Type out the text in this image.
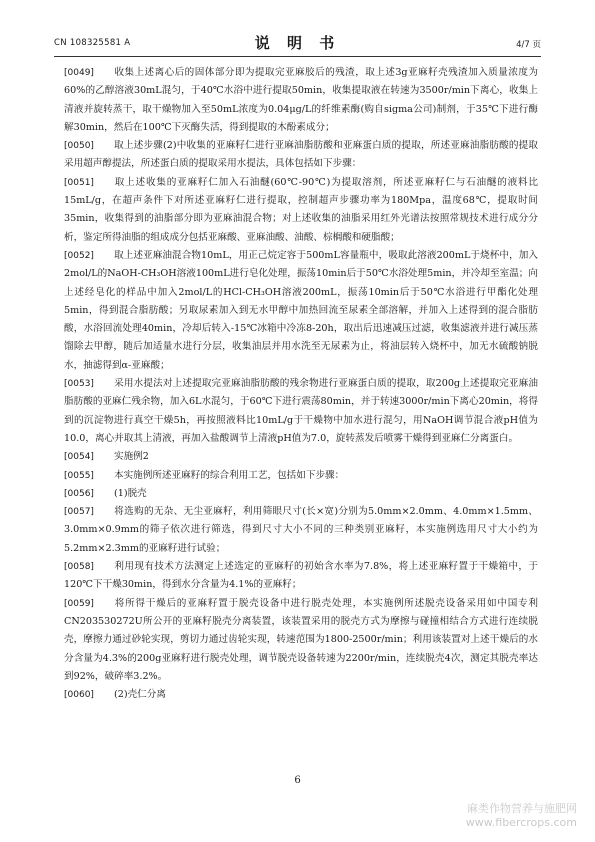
CN 108325581 A	说 明 书	4/7 页

[0049] 收集上述离心后的固体部分即为提取完亚麻胶后的残渣，取上述3g亚麻籽壳残渣加入质量浓度为60%的乙醇溶液30mL混匀，于40℃水浴中进行提取50min，收集提取液在转速为3500r/min下离心，收集上清液并旋转蒸干，取干燥物加入至50mL浓度为0.04μg/L的纤维素酶(购自sigma公司)制剂，于35℃下进行酶解30min，然后在100℃下灭酶失活，得到提取的木酚素成分；

[0050] 取上述步骤(2)中收集的亚麻籽仁进行亚麻油脂肪酸和亚麻蛋白质的提取，所述亚麻油脂肪酸的提取采用超声醇提法，所述蛋白质的提取采用水提法，具体包括如下步骤：

[0051] 取上述收集的亚麻籽仁加入石油醚(60℃-90℃)为提取溶剂，所述亚麻籽仁与石油醚的液料比15mL/g，在超声条件下对所述亚麻籽仁进行提取，控制超声步骤功率为180Mpa，温度68℃，提取时间35min，收集得到的油脂部分即为亚麻油混合物；对上述收集的油脂采用红外光谱法按照常规技术进行成分分析，鉴定所得油脂的组成成分包括亚麻酸、亚麻油酸、油酸、棕榈酸和硬脂酸；

[0052] 取上述亚麻油混合物10mL，用正己烷定容于500mL容量瓶中，吸取此溶液200mL于烧杯中，加入2mol/L的NaOH-CH₃OH溶液100mL进行皂化处理，振荡10min后于50℃水浴处理5min，并冷却至室温；向上述经皂化的样品中加入2mol/L的HCl-CH₃OH溶液200mL，振荡10min后于50℃水浴进行甲酯化处理5min，得到混合脂肪酸；另取尿素加入到无水甲醇中加热回流至尿素全部溶解，并加入上述得到的混合脂肪酸，水浴回流处理40min，冷却后转入-15℃冰箱中冷冻8-20h，取出后迅速减压过滤，收集滤液并进行减压蒸馏除去甲醇，随后加适量水进行分层，收集油层并用水洗至无尿素为止，将油层转入烧杯中，加无水硫酸钠脱水，抽滤得到α-亚麻酸；

[0053] 采用水提法对上述提取完亚麻油脂肪酸的残余物进行亚麻蛋白质的提取，取200g上述提取完亚麻油脂肪酸的亚麻仁残余物，加入6L水混匀，于60℃下进行震荡80min，并于转速3000r/min下离心20min，将得到的沉淀物进行真空干燥5h，再按照液料比10mL/g于干燥物中加水进行混匀，用NaOH调节混合液pH值为10.0，离心并取其上清液，再加入盐酸调节上清液pH值为7.0，旋转蒸发后喷雾干燥得到亚麻仁分离蛋白。

[0054] 实施例2

[0055] 本实施例所述亚麻籽的综合利用工艺，包括如下步骤：

[0056] (1)脱壳

[0057] 将选购的无杂、无尘亚麻籽，利用筛眼尺寸(长×宽)分别为5.0mm×2.0mm、4.0mm×1.5mm、3.0mm×0.9mm的筛子依次进行筛选，得到尺寸大小不同的三种类别亚麻籽，本实施例选用尺寸大小约为5.2mm×2.3mm的亚麻籽进行试验；

[0058] 利用现有技术方法测定上述选定的亚麻籽的初始含水率为7.8%，将上述亚麻籽置于干燥箱中，于120℃下干燥30min，得到水分含量为4.1%的亚麻籽；

[0059] 将所得干燥后的亚麻籽置于脱壳设备中进行脱壳处理，本实施例所述脱壳设备采用如中国专利CN203530272U所公开的亚麻籽脱壳分离装置，该装置采用的脱壳方式为摩擦与碰撞相结合方式进行连续脱壳，摩擦力通过砂轮实现，剪切力通过齿轮实现，转速范围为1800-2500r/min；利用该装置对上述干燥后的水分含量为4.3%的200g亚麻籽进行脱壳处理，调节脱壳设备转速为2200r/min，连续脱壳4次，测定其脱壳率达到92%，破碎率3.2%。

[0060] (2)壳仁分离

6
麻类作物营养与施肥网
www.fibercrops.com
